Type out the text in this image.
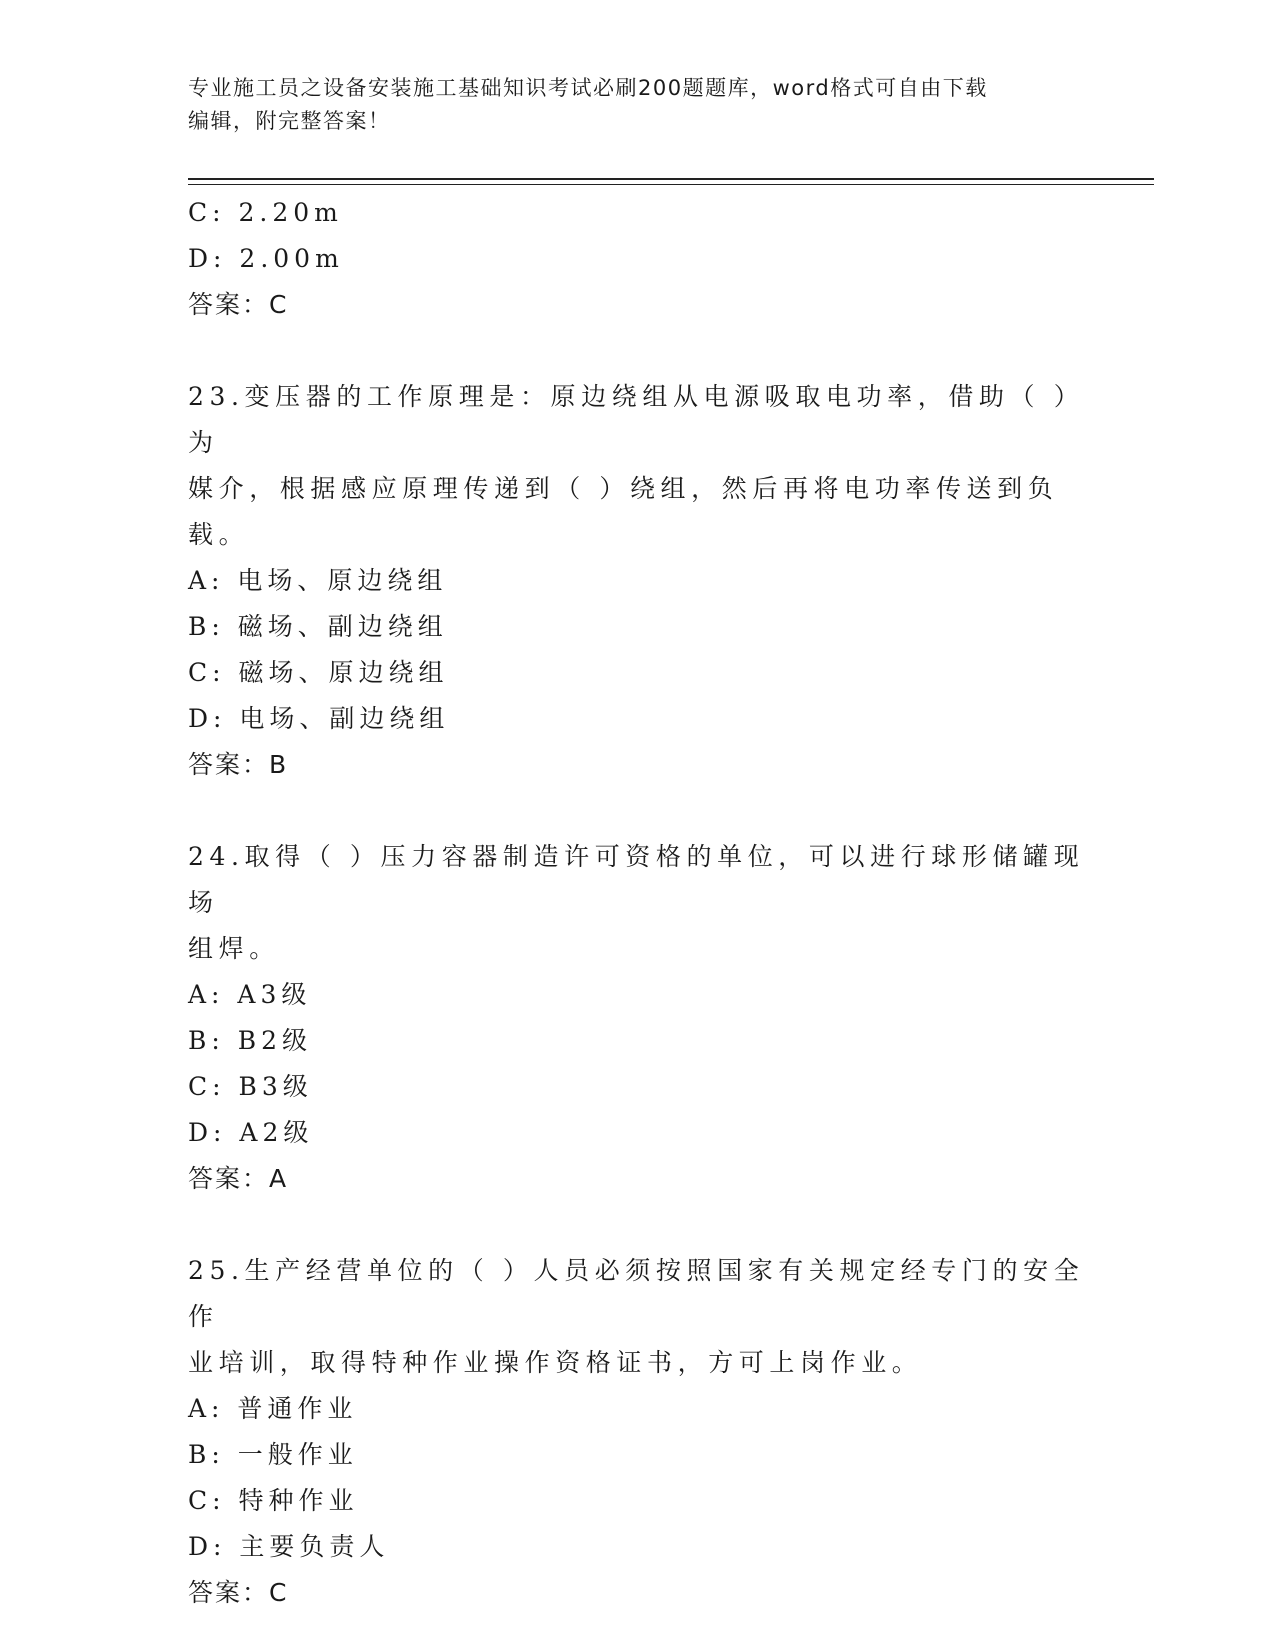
专业施工员之设备安装施工基础知识考试必刷200题题库，word格式可自由下载
编辑，附完整答案！
C: 2.20m
D: 2.00m
答案：C
23.变压器的工作原理是：原边绕组从电源吸取电功率，借助（ ）为
媒介，根据感应原理传递到（ ）绕组，然后再将电功率传送到负载。
A: 电场、原边绕组
B: 磁场、副边绕组
C: 磁场、原边绕组
D: 电场、副边绕组
答案：B
24.取得（ ）压力容器制造许可资格的单位，可以进行球形储罐现场
组焊。
A: A3级
B: B2级
C: B3级
D: A2级
答案：A
25.生产经营单位的（ ）人员必须按照国家有关规定经专门的安全作
业培训，取得特种作业操作资格证书，方可上岗作业。
A: 普通作业
B: 一般作业
C: 特种作业
D: 主要负责人
答案：C
